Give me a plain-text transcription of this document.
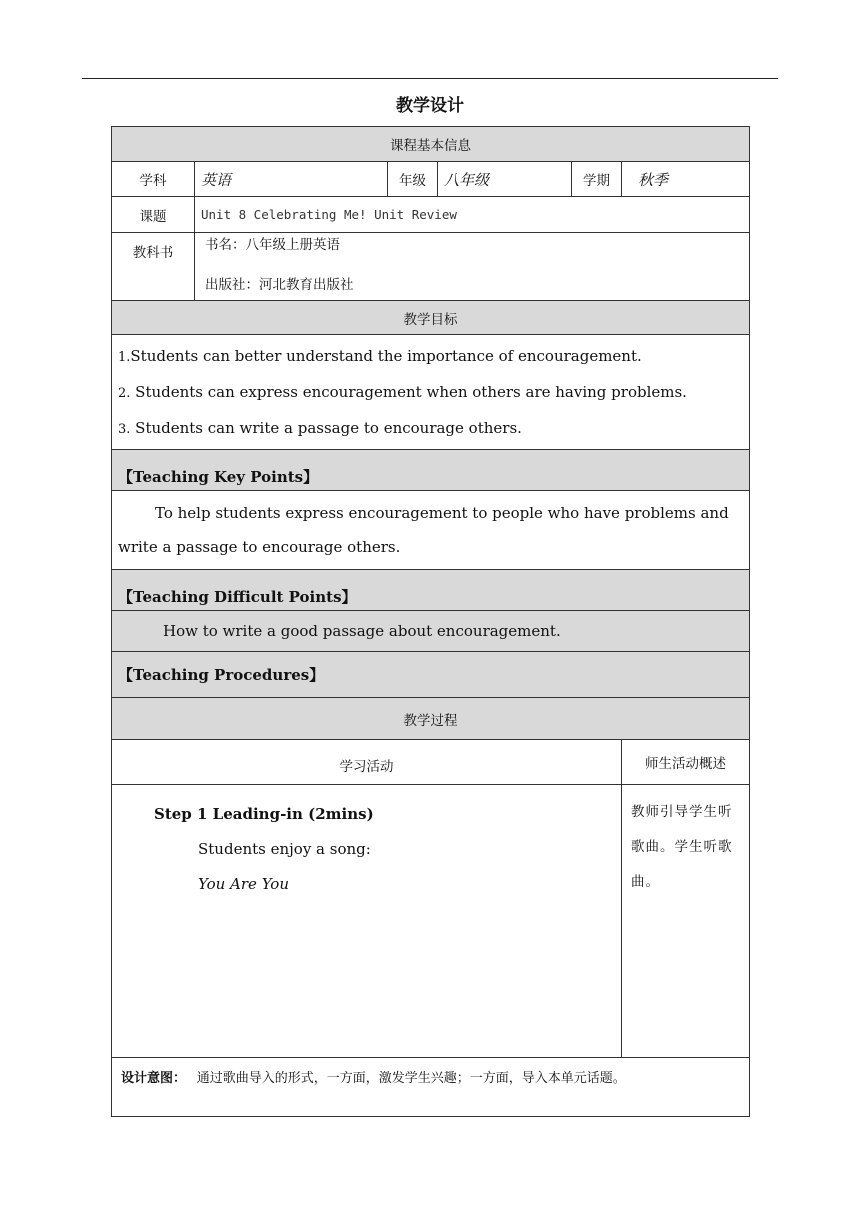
教学设计
课程基本信息					
学科	英语	年级	八年级	学期	秋季
课题	Unit 8 Celebrating Me! Unit Review				
教科书	书名：八年级上册英语
出版社：河北教育出版社				

教学目标					

1.Students can better understand the importance of encouragement.
2. Students can express encouragement when others are having problems.
3. Students can write a passage to encourage others.					

【Teaching Key Points】					
To help students express encouragement to people who have problems and write a passage to encourage others.					
【Teaching Difficult Points】					
How to write a good passage about encouragement.					
【Teaching Procedures】					
教学过程					
学习活动					师生活动概述

Step 1 Leading-in (2mins)
Students enjoy a song:
You Are You					教师引导学生听歌曲。学生听歌曲。
设计意图： 通过歌曲导入的形式，一方面，激发学生兴趣；一方面，导入本单元话题。					
